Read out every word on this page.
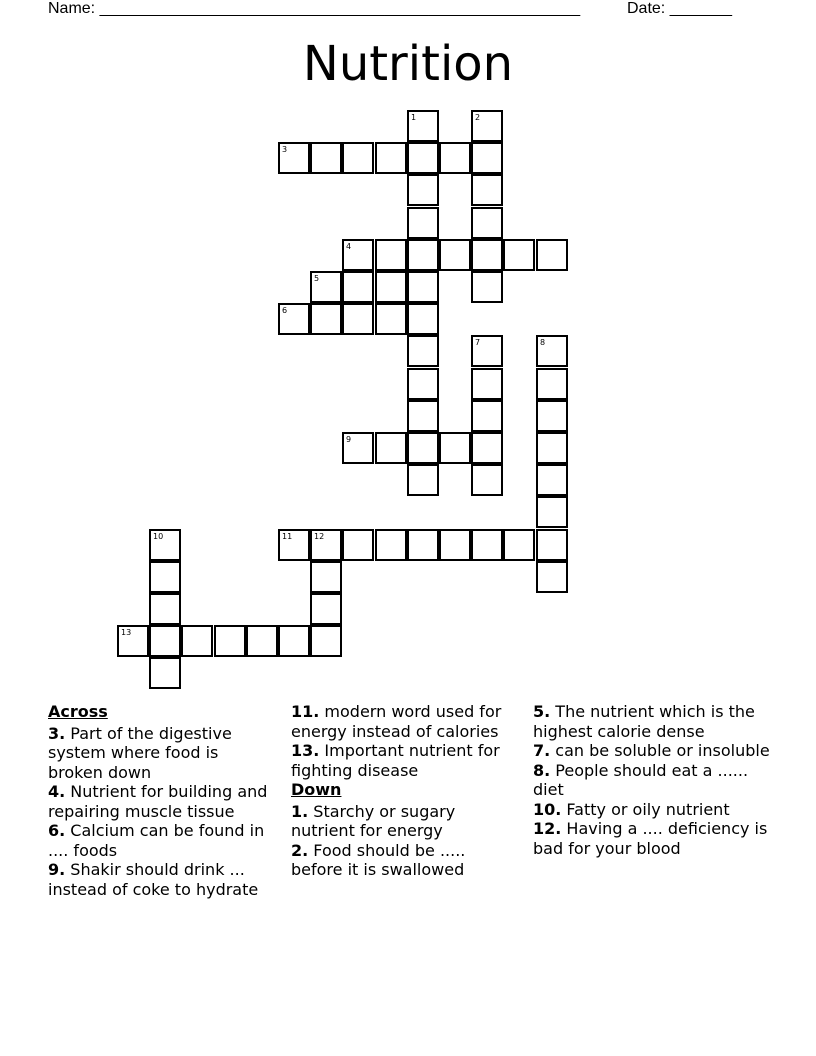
Name: ______________________________________________________	Date: _______
Nutrition
1	2
3
4
5
6
7	8
9
10	11	12
13
Across
3. Part of the digestive system where food is broken down
4. Nutrient for building and repairing muscle tissue
6. Calcium can be found in .... foods
9. Shakir should drink ... instead of coke to hydrate
11. modern word used for energy instead of calories
13. Important nutrient for fighting disease
Down
1. Starchy or sugary nutrient for energy
2. Food should be ..... before it is swallowed
5. The nutrient which is the highest calorie dense
7. can be soluble or insoluble
8. People should eat a ...... diet
10. Fatty or oily nutrient
12. Having a .... deficiency is bad for your blood
